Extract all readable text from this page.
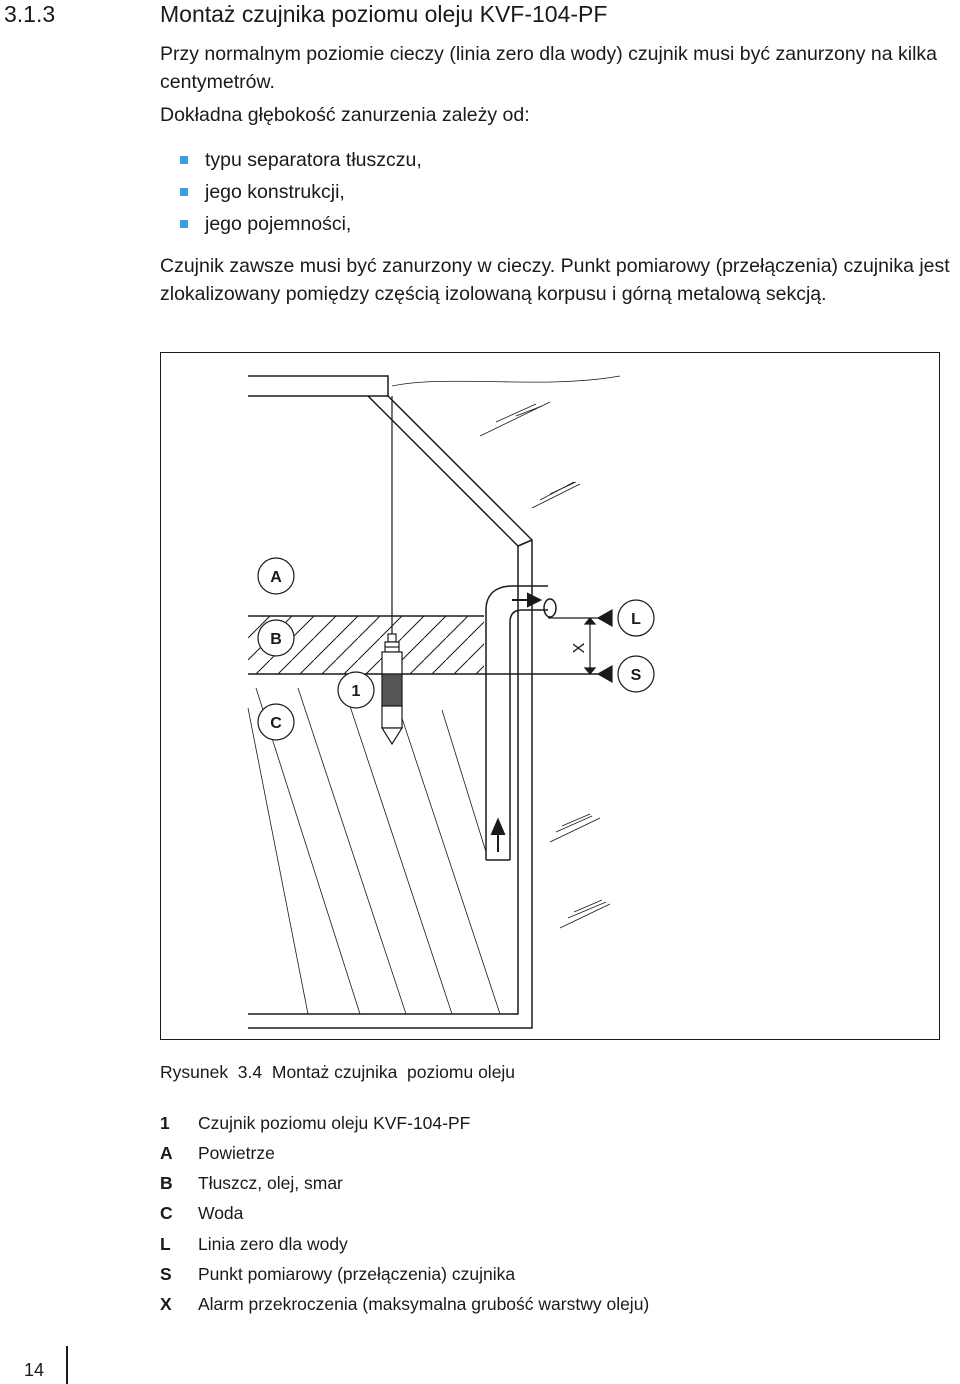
3.1.3	Montaż czujnika poziomu oleju KVF-104-PF
Przy normalnym poziomie cieczy (linia zero dla wody) czujnik musi być zanurzony na kilka centymetrów.
Dokładna głębokość zanurzenia zależy od:
typu separatora tłuszczu,
jego konstrukcji,
jego pojemności,
Czujnik zawsze musi być zanurzony w cieczy. Punkt pomiarowy (przełączenia) czujnika jest zlokalizowany pomiędzy częścią izolowaną korpusu i górną metalową sekcją.
A
B
C
1
L
S
X
Rysunek  3.4  Montaż czujnika  poziomu oleju
1 Czujnik poziomu oleju KVF-104-PF
A Powietrze
B Tłuszcz, olej, smar
C Woda
L Linia zero dla wody
S Punkt pomiarowy (przełączenia) czujnika
X Alarm przekroczenia (maksymalna grubość warstwy oleju)
14
